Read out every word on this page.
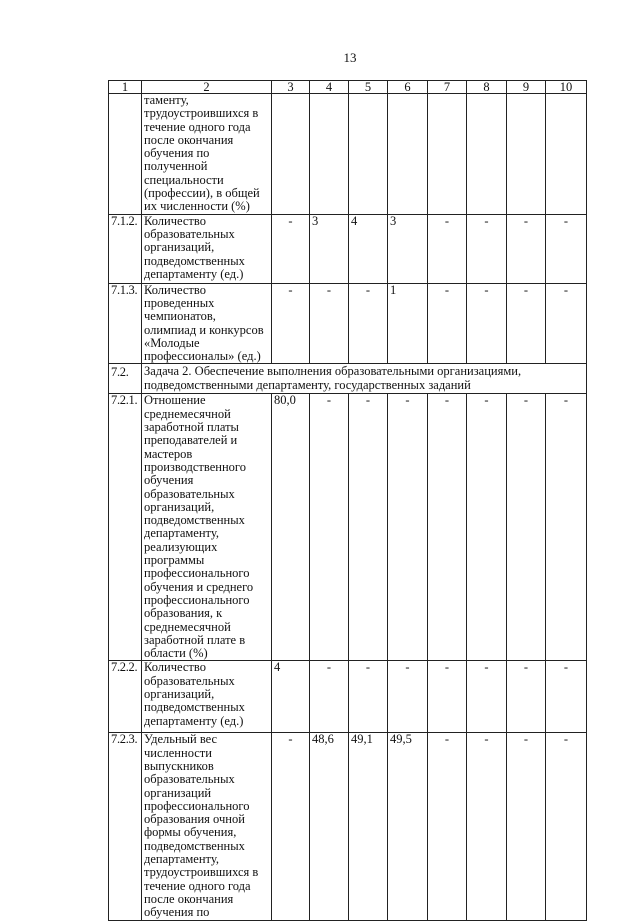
13
1	2	3	4	5	6	7	8	9	10
	таменту, трудоустроившихся в течение одного года после окончания обучения по полученной специальности (профессии), в общей их численности (%)								
7.1.2.	Количество образовательных организаций, подведомственных департаменту (ед.)	-	3	4	3	-	-	-	-
7.1.3.	Количество проведенных чемпионатов, олимпиад и конкурсов «Молодые профессионалы» (ед.)	-	-	-	1	-	-	-	-
7.2.	Задача 2. Обеспечение выполнения образовательными организациями, подведомственными департаменту, государственных заданий								
7.2.1.	Отношение среднемесячной заработной платы преподавателей и мастеров производственного обучения образовательных организаций, подведомственных департаменту, реализующих программы профессионального обучения и среднего профессионального образования, к среднемесячной заработной плате в области (%)	80,0	-	-	-	-	-	-	-
7.2.2.	Количество образовательных организаций, подведомственных департаменту (ед.)	4	-	-	-	-	-	-	-
7.2.3.	Удельный вес численности выпускников образовательных организаций профессионального образования очной формы обучения, подведомственных департаменту, трудоустроившихся в течение одного года после окончания обучения по	-	48,6	49,1	49,5	-	-	-	-
